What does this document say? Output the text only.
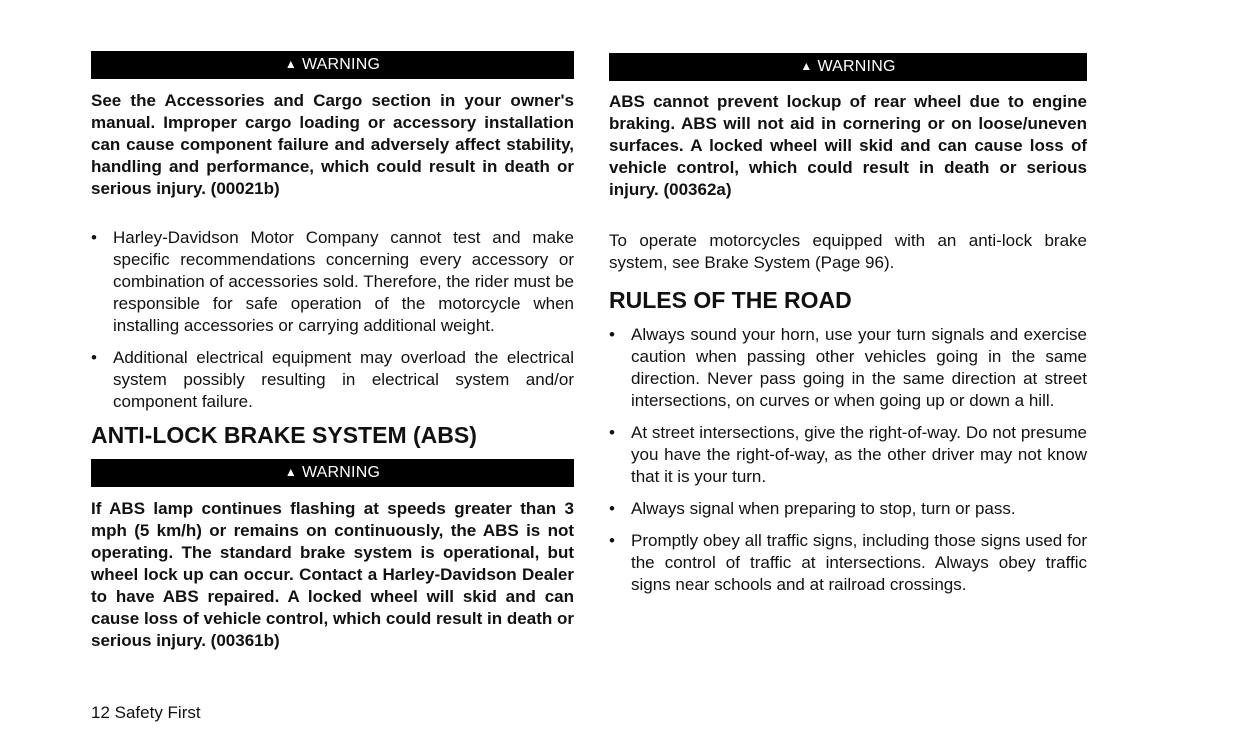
▲ WARNING
See the Accessories and Cargo section in your owner's manual. Improper cargo loading or accessory installation can cause component failure and adversely affect stability, handling and performance, which could result in death or serious injury. (00021b)
• Harley-Davidson Motor Company cannot test and make specific recommendations concerning every accessory or combination of accessories sold. Therefore, the rider must be responsible for safe operation of the motorcycle when installing accessories or carrying additional weight.
• Additional electrical equipment may overload the electrical system possibly resulting in electrical system and/or component failure.
ANTI-LOCK BRAKE SYSTEM (ABS)
▲ WARNING
If ABS lamp continues flashing at speeds greater than 3 mph (5 km/h) or remains on continuously, the ABS is not operating. The standard brake system is operational, but wheel lock up can occur. Contact a Harley-Davidson Dealer to have ABS repaired. A locked wheel will skid and can cause loss of vehicle control, which could result in death or serious injury. (00361b)
▲ WARNING
ABS cannot prevent lockup of rear wheel due to engine braking. ABS will not aid in cornering or on loose/uneven surfaces. A locked wheel will skid and can cause loss of vehicle control, which could result in death or serious injury. (00362a)
To operate motorcycles equipped with an anti-lock brake system, see Brake System (Page 96).
RULES OF THE ROAD
• Always sound your horn, use your turn signals and exercise caution when passing other vehicles going in the same direction. Never pass going in the same direction at street intersections, on curves or when going up or down a hill.
• At street intersections, give the right-of-way. Do not presume you have the right-of-way, as the other driver may not know that it is your turn.
• Always signal when preparing to stop, turn or pass.
• Promptly obey all traffic signs, including those signs used for the control of traffic at intersections. Always obey traffic signs near schools and at railroad crossings.
12 Safety First
